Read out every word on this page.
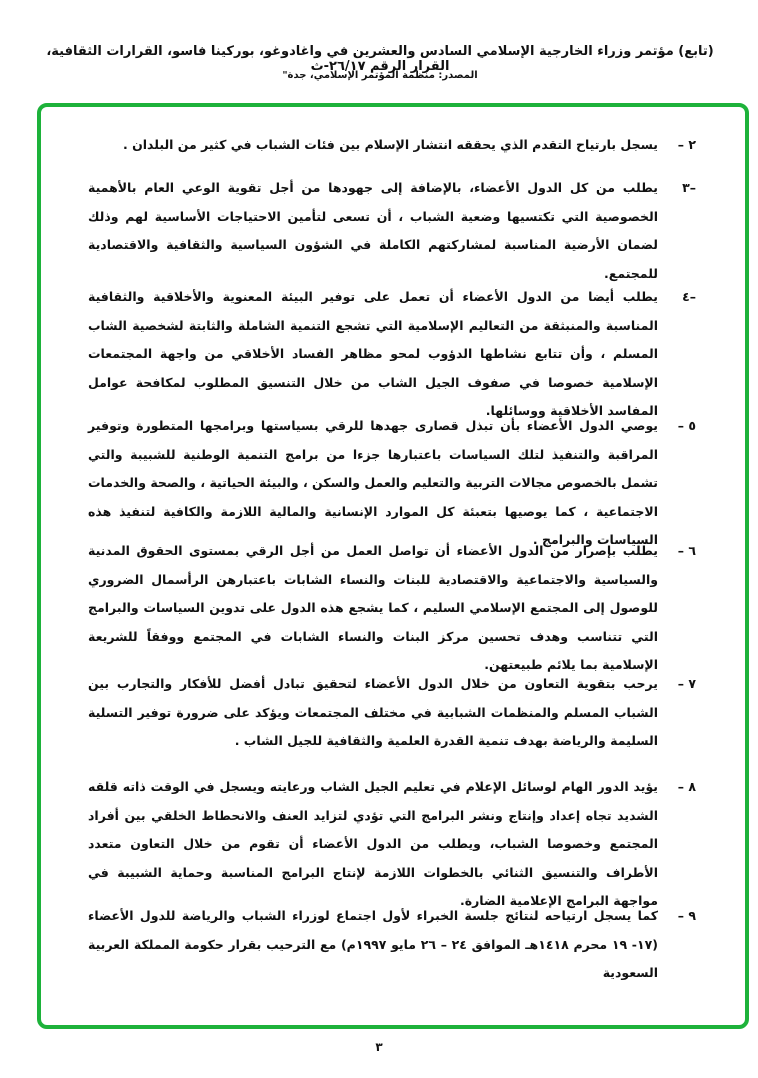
(تابع) مؤتمر وزراء الخارجية الإسلامي السادس والعشرين في واغادوغو، بوركينا فاسو، القرارات الثقافية، القرار الرقم ٢٦/١٧-ث
المصدر: منظمة المؤتمر الإسلامي، جدة"
٢ –
يسجل بارتياح التقدم الذي يحققه انتشار الإسلام بين فئات الشباب في كثير من البلدان .
–٣
يطلب من كل الدول الأعضاء، بالإضافة إلى جهودها من أجل تقوية الوعي العام بالأهمية الخصوصية التي تكتسيها وضعية الشباب ، أن تسعى لتأمين الاحتياجات الأساسية لهم وذلك لضمان الأرضية المناسبة لمشاركتهم الكاملة في الشؤون السياسية والثقافية والاقتصادية للمجتمع.
–٤
يطلب أيضا من الدول الأعضاء أن تعمل على توفير البيئة المعنوية والأخلاقية والثقافية المناسبة والمنبثقة من التعاليم الإسلامية التي تشجع التنمية الشاملة والثابتة لشخصية الشاب المسلم ، وأن تتابع نشاطها الدؤوب لمحو مظاهر الفساد الأخلاقي من واجهة المجتمعات الإسلامية خصوصا في صفوف الجيل الشاب من خلال التنسيق المطلوب لمكافحة عوامل المفاسد الأخلاقية ووسائلها.
٥ –
يوصي الدول الأعضاء بأن تبذل قصارى جهدها للرقي بسياستها وبرامجها المتطورة وتوفير المراقبة والتنفيذ لتلك السياسات باعتبارها جزءا من برامج التنمية الوطنية للشبيبة والتي تشمل بالخصوص مجالات التربية والتعليم والعمل والسكن ، والبيئة الحياتية ، والصحة والخدمات الاجتماعية ، كما يوصيها بتعبئة كل الموارد الإنسانية والمالية اللازمة والكافية لتنفيذ هذه السياسات والبرامج .
٦ –
يطلب بإصرار من الدول الأعضاء أن تواصل العمل من أجل الرقي بمستوى الحقوق المدنية والسياسية والاجتماعية والاقتصادية للبنات والنساء الشابات باعتبارهن الرأسمال الضروري للوصول إلى المجتمع الإسلامي السليم ، كما يشجع هذه الدول على تدوين السياسات والبرامج التي تتناسب وهدف تحسين مركز البنات والنساء الشابات في المجتمع ووفقاً للشريعة الإسلامية بما يلائم طبيعتهن.
٧ –
يرحب بتقوية التعاون من خلال الدول الأعضاء لتحقيق تبادل أفضل للأفكار والتجارب بين الشباب المسلم والمنظمات الشبابية في مختلف المجتمعات ويؤكد على ضرورة توفير التسلية السليمة والرياضة بهدف تنمية القدرة العلمية والثقافية للجيل الشاب .
٨ –
يؤيد الدور الهام لوسائل الإعلام في تعليم الجيل الشاب ورعايته ويسجل في الوقت ذاته قلقه الشديد تجاه إعداد وإنتاج ونشر البرامج التي تؤدي لتزايد العنف والانحطاط الخلقي بين أفراد المجتمع وخصوصا الشباب، ويطلب من الدول الأعضاء أن تقوم من خلال التعاون متعدد الأطراف والتنسيق الثنائي بالخطوات اللازمة لإنتاج البرامج المناسبة وحماية الشبيبة في مواجهة البرامج الإعلامية الضارة.
٩ –
كما يسجل ارتياحه لنتائج جلسة الخبراء لأول اجتماع لوزراء الشباب والرياضة للدول الأعضاء (١٧- ١٩ محرم ١٤١٨هـ الموافق ٢٤ – ٢٦ مايو ١٩٩٧م) مع الترحيب بقرار حكومة المملكة العربية السعودية
٣
